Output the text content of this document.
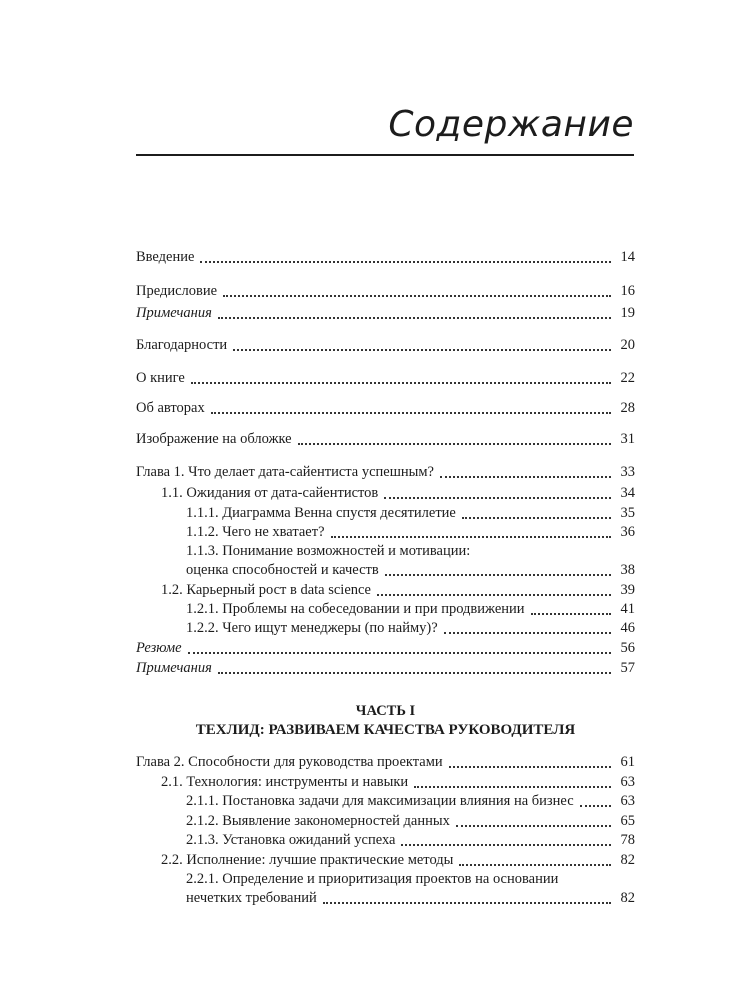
Содержание
Введение	14
Предисловие	16
Примечания	19
Благодарности	20
О книге	22
Об авторах	28
Изображение на обложке	31
Глава 1. Что делает дата-сайентиста успешным?	33
1.1. Ожидания от дата-сайентистов	34
1.1.1. Диаграмма Венна спустя десятилетие	35
1.1.2. Чего не хватает?	36
1.1.3. Понимание возможностей и мотивации:
оценка способностей и качеств	38
1.2. Карьерный рост в data science	39
1.2.1. Проблемы на собеседовании и при продвижении	41
1.2.2. Чего ищут менеджеры (по найму)?	46
Резюме	56
Примечания	57
ЧАСТЬ I
ТЕХЛИД: РАЗВИВАЕМ КАЧЕСТВА РУКОВОДИТЕЛЯ
Глава 2. Способности для руководства проектами	61
2.1. Технология: инструменты и навыки	63
2.1.1. Постановка задачи для максимизации влияния на бизнес	63
2.1.2. Выявление закономерностей данных	65
2.1.3. Установка ожиданий успеха	78
2.2. Исполнение: лучшие практические методы	82
2.2.1. Определение и приоритизация проектов на основании
нечетких требований	82
